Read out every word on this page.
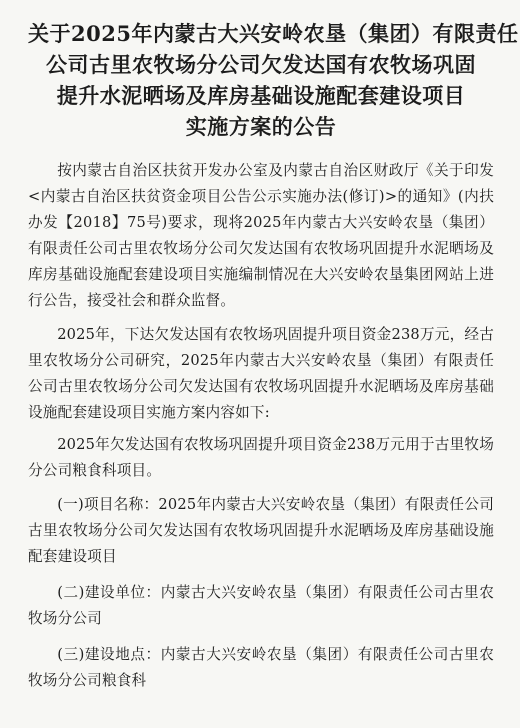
关于2025年内蒙古大兴安岭农垦（集团）有限责任
公司古里农牧场分公司欠发达国有农牧场巩固
提升水泥晒场及库房基础设施配套建设项目
实施方案的公告

按内蒙古自治区扶贫开发办公室及内蒙古自治区财政厅《关于印发<内蒙古自治区扶贫资金项目公告公示实施办法(修订)>的通知》(内扶办发【2018】75号)要求，现将2025年内蒙古大兴安岭农垦（集团）有限责任公司古里农牧场分公司欠发达国有农牧场巩固提升水泥晒场及库房基础设施配套建设项目实施编制情况在大兴安岭农垦集团网站上进行公告，接受社会和群众监督。

2025年，下达欠发达国有农牧场巩固提升项目资金238万元，经古里农牧场分公司研究，2025年内蒙古大兴安岭农垦（集团）有限责任公司古里农牧场分公司欠发达国有农牧场巩固提升水泥晒场及库房基础设施配套建设项目实施方案内容如下:

2025年欠发达国有农牧场巩固提升项目资金238万元用于古里牧场分公司粮食科项目。

(一)项目名称：2025年内蒙古大兴安岭农垦（集团）有限责任公司古里农牧场分公司欠发达国有农牧场巩固提升水泥晒场及库房基础设施配套建设项目

(二)建设单位：内蒙古大兴安岭农垦（集团）有限责任公司古里农牧场分公司

(三)建设地点：内蒙古大兴安岭农垦（集团）有限责任公司古里农牧场分公司粮食科
